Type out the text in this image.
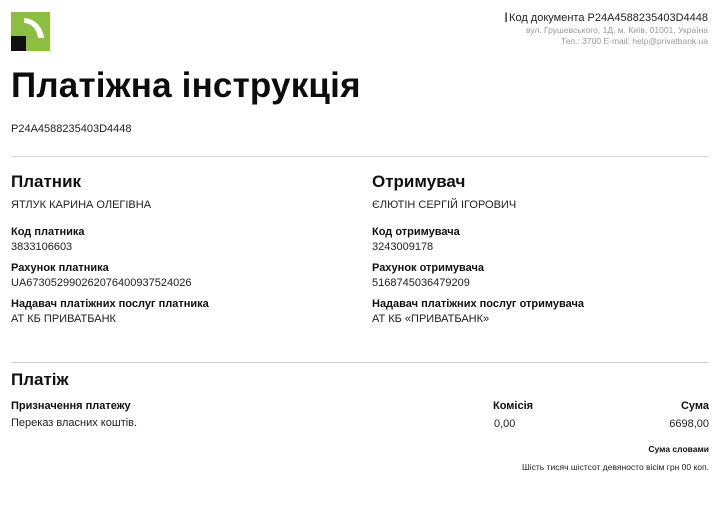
IКод документа P24A4588235403D4448
вул. Грушевського, 1Д, м. Київ, 01001, Україна
Тел.: 3700 E-mail: help@privatbank.ua
Платіжна інструкція
P24A4588235403D4448
Платник
ЯТЛУК КАРИНА ОЛЕГІВНА
Код платника
3833106603
Рахунок платника
UA673052990262076400937524026
Надавач платіжних послуг платника
АТ КБ ПРИВАТБАНК
Отримувач
ЄЛЮТІН СЕРГІЙ ІГОРОВИЧ
Код отримувача
3243009178
Рахунок отримувача
5168745036479209
Надавач платіжних послуг отримувача
АТ КБ «ПРИВАТБАНК»
Платіж
Призначення платежу
Переказ власних коштів.
Комісія
0,00
Сума
6698,00
Сума словами
Шість тисяч шістсот девяносто вісім грн 00 коп.
